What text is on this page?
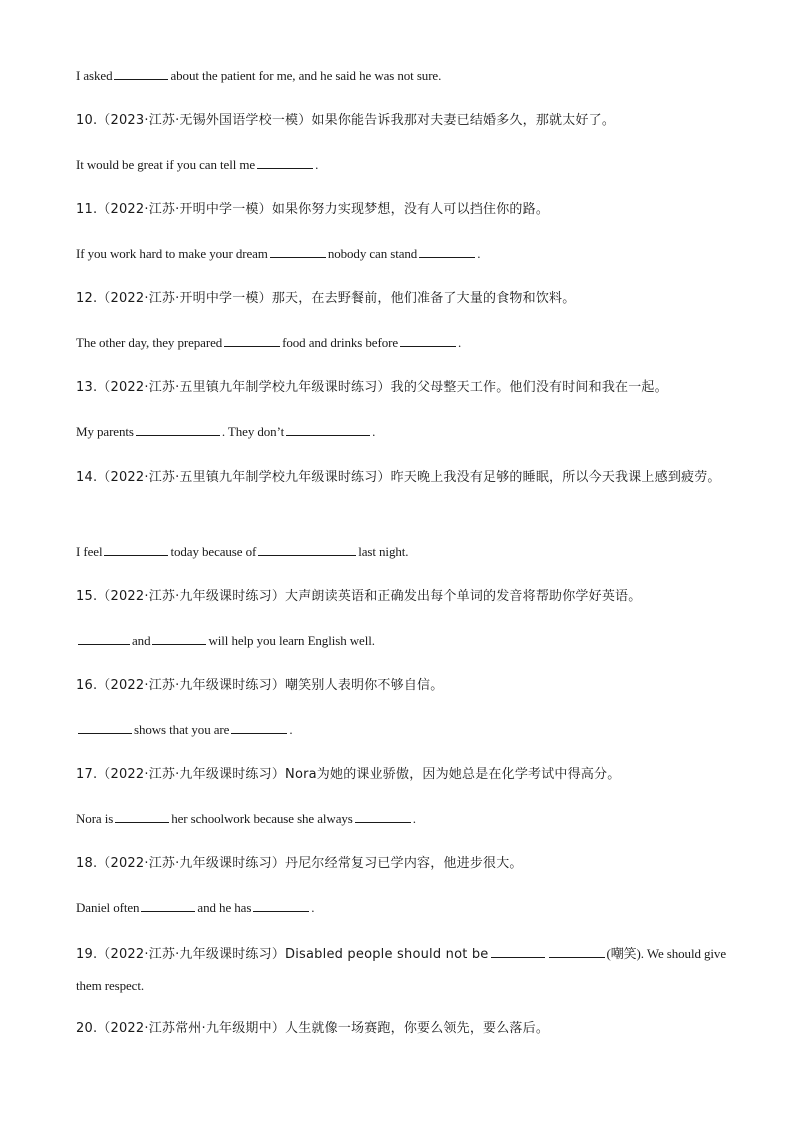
I asked	about the patient for me, and he said he was not sure.
10.（2023·江苏·无锡外国语学校一模）如果你能告诉我那对夫妻已结婚多久，那就太好了。
It would be great if you can tell me	.
11.（2022·江苏·开明中学一模）如果你努力实现梦想，没有人可以挡住你的路。
If you work hard to make your dream	nobody can stand	.
12.（2022·江苏·开明中学一模）那天，在去野餐前，他们准备了大量的食物和饮料。
The other day, they prepared	food and drinks before	.
13.（2022·江苏·五里镇九年制学校九年级课时练习）我的父母整天工作。他们没有时间和我在一起。
My parents	. They don’t	.
14.（2022·江苏·五里镇九年制学校九年级课时练习）昨天晚上我没有足够的睡眠，所以今天我课上感到疲劳。
I feel	today because of	last night.
15.（2022·江苏·九年级课时练习）大声朗读英语和正确发出每个单词的发音将帮助你学好英语。
and	will help you learn English well.
16.（2022·江苏·九年级课时练习）嘲笑别人表明你不够自信。
shows that you are	.
17.（2022·江苏·九年级课时练习）Nora为她的课业骄傲，因为她总是在化学考试中得高分。
Nora is	her schoolwork because she always	.
18.（2022·江苏·九年级课时练习）丹尼尔经常复习已学内容，他进步很大。
Daniel often	and he has	.
19.（2022·江苏·九年级课时练习）Disabled people should not be	(嘲笑). We should give them respect.
20.（2022·江苏常州·九年级期中）人生就像一场赛跑，你要么领先，要么落后。
